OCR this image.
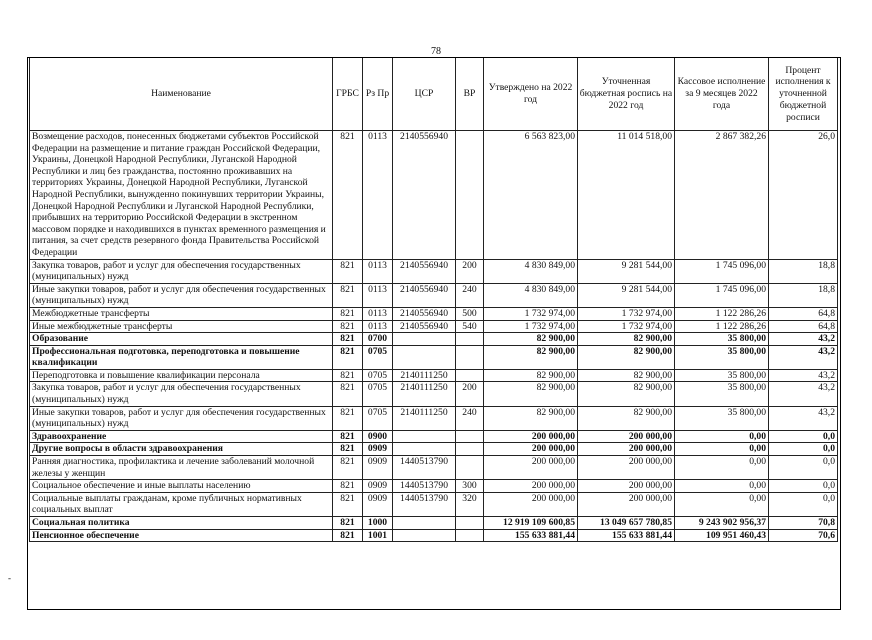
78
Наименование	ГРБС	Рз Пр	ЦСР	ВР	Утверждено на 2022 год	Уточненная бюджетная роспись на 2022 год	Кассовое исполнение за 9 месяцев 2022 года	Процент исполнения к уточненной бюджетной росписи
Возмещение расходов, понесенных бюджетами субъектов Российской Федерации на размещение и питание граждан Российской Федерации, Украины, Донецкой Народной Республики, Луганской Народной Республики и лиц без гражданства, постоянно проживавших на территориях Украины, Донецкой Народной Республики, Луганской Народной Республики, вынужденно покинувших территории Украины, Донецкой Народной Республики и Луганской Народной Республики, прибывших на территорию Российской Федерации в экстренном массовом порядке и находившихся в пунктах временного размещения и питания, за счет средств резервного фонда Правительства Российской Федерации	821	0113	2140556940		6 563 823,00	11 014 518,00	2 867 382,26	26,0
Закупка товаров, работ и услуг для обеспечения государственных (муниципальных) нужд	821	0113	2140556940	200	4 830 849,00	9 281 544,00	1 745 096,00	18,8
Иные закупки товаров, работ и услуг для обеспечения государственных (муниципальных) нужд	821	0113	2140556940	240	4 830 849,00	9 281 544,00	1 745 096,00	18,8
Межбюджетные трансферты	821	0113	2140556940	500	1 732 974,00	1 732 974,00	1 122 286,26	64,8
Иные межбюджетные трансферты	821	0113	2140556940	540	1 732 974,00	1 732 974,00	1 122 286,26	64,8
Образование	821	0700			82 900,00	82 900,00	35 800,00	43,2
Профессиональная подготовка, переподготовка и повышение квалификации	821	0705			82 900,00	82 900,00	35 800,00	43,2
Переподготовка и повышение квалификации персонала	821	0705	2140111250		82 900,00	82 900,00	35 800,00	43,2
Закупка товаров, работ и услуг для обеспечения государственных (муниципальных) нужд	821	0705	2140111250	200	82 900,00	82 900,00	35 800,00	43,2
Иные закупки товаров, работ и услуг для обеспечения государственных (муниципальных) нужд	821	0705	2140111250	240	82 900,00	82 900,00	35 800,00	43,2
Здравоохранение	821	0900			200 000,00	200 000,00	0,00	0,0
Другие вопросы в области здравоохранения	821	0909			200 000,00	200 000,00	0,00	0,0
Ранняя диагностика, профилактика и лечение заболеваний молочной железы у женщин	821	0909	1440513790		200 000,00	200 000,00	0,00	0,0
Социальное обеспечение и иные выплаты населению	821	0909	1440513790	300	200 000,00	200 000,00	0,00	0,0
Социальные выплаты гражданам, кроме публичных нормативных социальных выплат	821	0909	1440513790	320	200 000,00	200 000,00	0,00	0,0
Социальная политика	821	1000			12 919 109 600,85	13 049 657 780,85	9 243 902 956,37	70,8
Пенсионное обеспечение	821	1001			155 633 881,44	155 633 881,44	109 951 460,43	70,6
-
